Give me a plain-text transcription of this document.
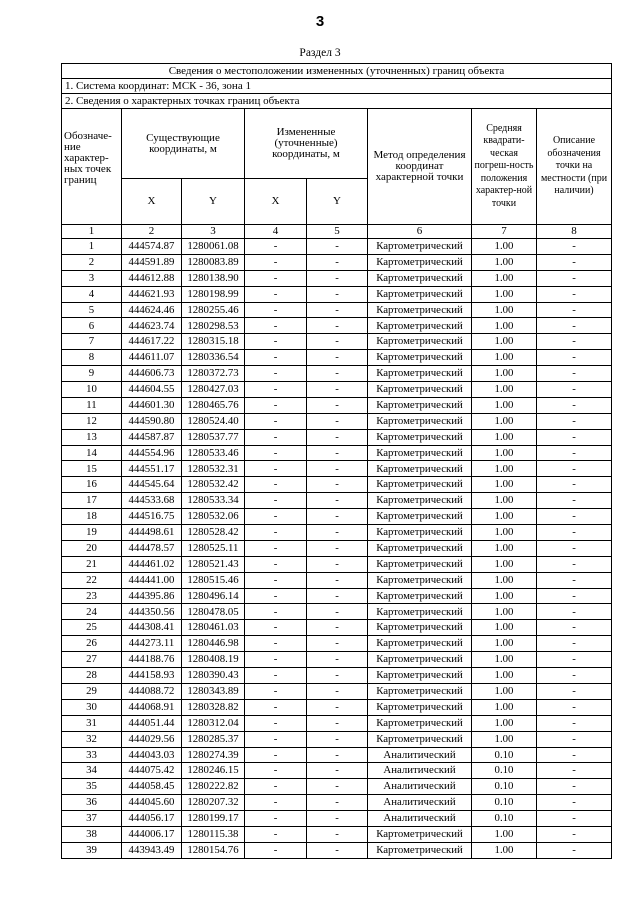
3
Раздел 3
Сведения о местоположении измененных (уточненных) границ объекта							
1. Система координат: МСК - 36, зона 1							
2. Сведения о характерных точках границ объекта							
Обозначе-ние характер-ных точек границ	Существующие координаты, м		Измененные (уточненные) координаты, м		Метод определения координат характерной точки	Средняя квадрати-ческая погреш-ность положения характер-ной точки	Описание обозначения точки на местности (при наличии)
	X	Y	X	Y			
1	2	3	4	5	6	7	8
1	444574.87	1280061.08	-	-	Картометрический	1.00	-
2	444591.89	1280083.89	-	-	Картометрический	1.00	-
3	444612.88	1280138.90	-	-	Картометрический	1.00	-
4	444621.93	1280198.99	-	-	Картометрический	1.00	-
5	444624.46	1280255.46	-	-	Картометрический	1.00	-
6	444623.74	1280298.53	-	-	Картометрический	1.00	-
7	444617.22	1280315.18	-	-	Картометрический	1.00	-
8	444611.07	1280336.54	-	-	Картометрический	1.00	-
9	444606.73	1280372.73	-	-	Картометрический	1.00	-
10	444604.55	1280427.03	-	-	Картометрический	1.00	-
11	444601.30	1280465.76	-	-	Картометрический	1.00	-
12	444590.80	1280524.40	-	-	Картометрический	1.00	-
13	444587.87	1280537.77	-	-	Картометрический	1.00	-
14	444554.96	1280533.46	-	-	Картометрический	1.00	-
15	444551.17	1280532.31	-	-	Картометрический	1.00	-
16	444545.64	1280532.42	-	-	Картометрический	1.00	-
17	444533.68	1280533.34	-	-	Картометрический	1.00	-
18	444516.75	1280532.06	-	-	Картометрический	1.00	-
19	444498.61	1280528.42	-	-	Картометрический	1.00	-
20	444478.57	1280525.11	-	-	Картометрический	1.00	-
21	444461.02	1280521.43	-	-	Картометрический	1.00	-
22	444441.00	1280515.46	-	-	Картометрический	1.00	-
23	444395.86	1280496.14	-	-	Картометрический	1.00	-
24	444350.56	1280478.05	-	-	Картометрический	1.00	-
25	444308.41	1280461.03	-	-	Картометрический	1.00	-
26	444273.11	1280446.98	-	-	Картометрический	1.00	-
27	444188.76	1280408.19	-	-	Картометрический	1.00	-
28	444158.93	1280390.43	-	-	Картометрический	1.00	-
29	444088.72	1280343.89	-	-	Картометрический	1.00	-
30	444068.91	1280328.82	-	-	Картометрический	1.00	-
31	444051.44	1280312.04	-	-	Картометрический	1.00	-
32	444029.56	1280285.37	-	-	Картометрический	1.00	-
33	444043.03	1280274.39	-	-	Аналитический	0.10	-
34	444075.42	1280246.15	-	-	Аналитический	0.10	-
35	444058.45	1280222.82	-	-	Аналитический	0.10	-
36	444045.60	1280207.32	-	-	Аналитический	0.10	-
37	444056.17	1280199.17	-	-	Аналитический	0.10	-
38	444006.17	1280115.38	-	-	Картометрический	1.00	-
39	443943.49	1280154.76	-	-	Картометрический	1.00	-
